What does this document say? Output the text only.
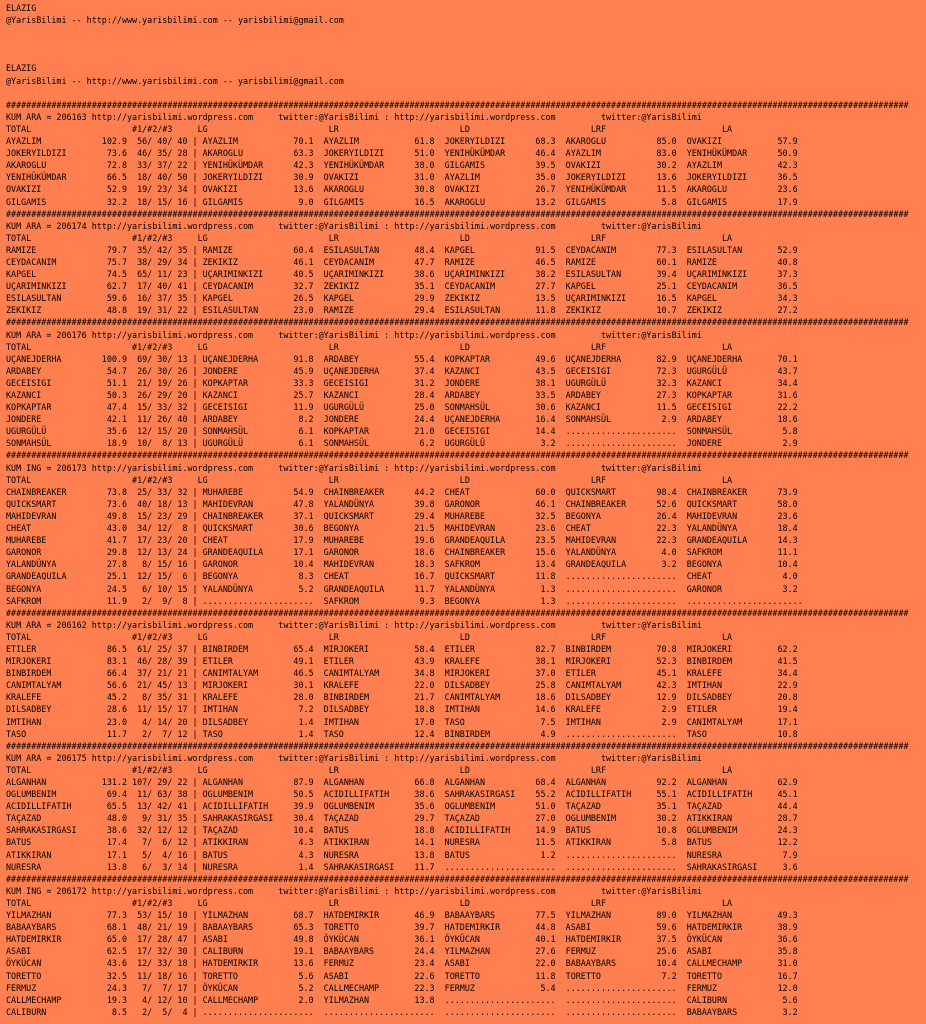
ELAZIG
@YarisBilimi -- http://www.yarisbilimi.com -- yarisbilimi@gmail.com

ELAZIG
@YarisBilimi -- http://www.yarisbilimi.com -- yarisbilimi@gmail.com

###################################################################################################################################################################################
KUM ARA = 206163 http://yarisbilimi.wordpress.com     twitter:@YarisBilimi : http://yarisbilimi.wordpress.com         twitter:@YarisBilimi
TOTAL                    #1/#2/#3     LG                        LR                        LD                        LRF                       LA
AYAZLIM            102.9  56/ 40/ 40 | AYAZLIM           70.1  AYAZLIM           61.8  JOKERYILDIZI      68.3  AKAROGLU          85.0  OVAKIZI           57.9
JOKERYILDIZI        73.6  46/ 35/ 28 | AKAROGLU          63.3  JOKERYILDIZI      51.0  YENIHÜKÜMDAR      46.4  AYAZLIM           83.0  YENIHÜKÜMDAR      50.9
AKAROGLU            72.8  33/ 37/ 22 | YENIHÜKÜMDAR      42.3  YENIHÜKÜMDAR      38.0  GILGAMIS          39.5  OVAKIZI           30.2  AYAZLIM           42.3
YENIHÜKÜMDAR        66.5  18/ 40/ 50 | JOKERYILDIZI      30.9  OVAKIZI           31.0  AYAZLIM           35.0  JOKERYILDIZI      13.6  JOKERYILDIZI      36.5
OVAKIZI             52.9  19/ 23/ 34 | OVAKIZI           13.6  AKAROGLU          30.8  OVAKIZI           26.7  YENIHÜKÜMDAR      11.5  AKAROGLU          23.6
GILGAMIS            32.2  18/ 15/ 16 | GILGAMIS           9.0  GILGAMIS          16.5  AKAROGLU          13.2  GILGAMIS           5.8  GILGAMIS          17.9
###################################################################################################################################################################################
KUM ARA = 206174 http://yarisbilimi.wordpress.com     twitter:@YarisBilimi : http://yarisbilimi.wordpress.com         twitter:@YarisBilimi
TOTAL                    #1/#2/#3     LG                        LR                        LD                        LRF                       LA
RAMIZE              79.7  35/ 42/ 35 | RAMIZE            60.4  ESILASULTAN       48.4  KAPGEL            91.5  CEYDACANIM        77.3  ESILASULTAN       52.9
CEYDACANIM          75.7  38/ 29/ 34 | ZEKIKIZ           46.1  CEYDACANIM        47.7  RAMIZE            46.5  RAMIZE            60.1  RAMIZE            40.8
KAPGEL              74.5  65/ 11/ 23 | UÇARIMINKIZI      40.5  UÇARIMINKIZI      38.6  UÇARIMINKIZI      38.2  ESILASULTAN       39.4  UÇARIMINKIZI      37.3
UÇARIMINKIZI        62.7  17/ 40/ 41 | CEYDACANIM        32.7  ZEKIKIZ           35.1  CEYDACANIM        27.7  KAPGEL            25.1  CEYDACANIM        36.5
ESILASULTAN         59.6  16/ 37/ 35 | KAPGEL            26.5  KAPGEL            29.9  ZEKIKIZ           13.5  UÇARIMINKIZI      16.5  KAPGEL            34.3
ZEKIKIZ             48.8  19/ 31/ 22 | ESILASULTAN       23.0  RAMIZE            29.4  ESILASULTAN       11.8  ZEKIKIZ           10.7  ZEKIKIZ           27.2
###################################################################################################################################################################################
KUM ARA = 206176 http://yarisbilimi.wordpress.com     twitter:@YarisBilimi : http://yarisbilimi.wordpress.com         twitter:@YarisBilimi
TOTAL                    #1/#2/#3     LG                        LR                        LD                        LRF                       LA
UÇANEJDERHA        100.9  69/ 30/ 13 | UÇANEJDERHA       91.8  ARDABEY           55.4  KOPKAPTAR         49.6  UÇANEJDERHA       82.9  UÇANEJDERHA       70.1
ARDABEY             54.7  26/ 30/ 26 | JONDERE           45.9  UÇANEJDERHA       37.4  KAZANCI           43.5  GECEISIGI         72.3  UGURGÜLÜ          43.7
GECEISIGI           51.1  21/ 19/ 26 | KOPKAPTAR         33.3  GECEISIGI         31.2  JONDERE           38.1  UGURGÜLÜ          32.3  KAZANCI           34.4
KAZANCI             50.3  26/ 29/ 20 | KAZANCI           25.7  KAZANCI           28.4  ARDABEY           33.5  ARDABEY           27.3  KOPKAPTAR         31.6
KOPKAPTAR           47.4  15/ 33/ 32 | GECEISIGI         11.9  UGURGÜLÜ          25.0  SONMAHSÜL         30.6  KAZANCI           11.5  GECEISIGI         22.2
JONDERE             42.1  11/ 26/ 40 | ARDABEY            8.2  JONDERE           24.4  UÇANEJDERHA       16.4  SONMAHSÜL          2.9  ARDABEY           18.6
UGURGÜLÜ            35.6  12/ 15/ 20 | SONMAHSÜL          6.1  KOPKAPTAR         21.0  GECEISIGI         14.4  ......................  SONMAHSÜL          5.8
SONMAHSÜL           18.9  10/  8/ 13 | UGURGÜLÜ           6.1  SONMAHSÜL          6.2  UGURGÜLÜ           3.2  ......................  JONDERE            2.9
###################################################################################################################################################################################
KUM ING = 206173 http://yarisbilimi.wordpress.com     twitter:@YarisBilimi : http://yarisbilimi.wordpress.com         twitter:@YarisBilimi
TOTAL                    #1/#2/#3     LG                        LR                        LD                        LRF                       LA
CHAINBREAKER        73.8  25/ 33/ 32 | MUHAREBE          54.9  CHAINBREAKER      44.2  CHEAT             60.0  QUICKSMART        98.4  CHAINBREAKER      73.9
QUICKSMART          73.6  40/ 18/ 13 | MAHIDEVRAN        47.8  YALANDÜNYA        39.8  GARONOR           46.1  CHAINBREAKER      52.6  QUICKSMART        58.0
MAHIDEVRAN          49.8  15/ 23/ 29 | CHAINBREAKER      37.1  QUICKSMART        29.4  MUHAREBE          32.5  BEGONYA           26.4  MAHIDEVRAN        23.6
CHEAT               43.0  34/ 12/  8 | QUICKSMART        30.6  BEGONYA           21.5  MAHIDEVRAN        23.6  CHEAT             22.3  YALANDÜNYA        18.4
MUHAREBE            41.7  17/ 23/ 20 | CHEAT             17.9  MUHAREBE          19.6  GRANDEAQUILA      23.5  MAHIDEVRAN        22.3  GRANDEAQUILA      14.3
GARONOR             29.8  12/ 13/ 24 | GRANDEAQUILA      17.1  GARONOR           18.6  CHAINBREAKER      15.6  YALANDÜNYA         4.0  SAFKROM           11.1
YALANDÜNYA          27.8   8/ 15/ 16 | GARONOR           10.4  MAHIDEVRAN        18.3  SAFKROM           13.4  GRANDEAQUILA       3.2  BEGONYA           10.4
GRANDEAQUILA        25.1  12/ 15/  6 | BEGONYA            8.3  CHEAT             16.7  QUICKSMART        11.8  ......................  CHEAT              4.0
BEGONYA             24.5   6/ 10/ 15 | YALANDÜNYA         5.2  GRANDEAQUILA      11.7  YALANDÜNYA         1.3  ......................  GARONOR            3.2
SAFKROM             11.9   2/  9/  8 | ......................  SAFKROM            9.3  BEGONYA            1.3  ......................  .......................
###################################################################################################################################################################################
KUM ARA = 206162 http://yarisbilimi.wordpress.com     twitter:@YarisBilimi : http://yarisbilimi.wordpress.com         twitter:@YarisBilimi
TOTAL                    #1/#2/#3     LG                        LR                        LD                        LRF                       LA
ETILER              86.5  61/ 25/ 37 | BINBIRDEM         65.4  MIRJOKERI         58.4  ETILER            82.7  BINBIRDEM         70.8  MIRJOKERI         62.2
MIRJOKERI           83.1  46/ 28/ 39 | ETILER            49.1  ETILER            43.9  KRALEFE           38.1  MIRJOKERI         52.3  BINBIRDEM         41.5
BINBIRDEM           66.4  37/ 21/ 21 | CANIMTALYAM       46.5  CANIMTALYAM       34.8  MIRJOKERI         37.0  ETILER            45.1  KRALEFE           34.4
CANIMTALYAM         56.6  21/ 45/ 13 | MIRJOKERI         30.1  KRALEFE           22.0  DILSADBEY         25.8  CANIMTALYAM       42.3  IMTIHAN           22.9
KRALEFE             45.2   8/ 35/ 31 | KRALEFE           28.0  BINBIRDEM         21.7  CANIMTALYAM       18.6  DILSADBEY         12.9  DILSADBEY         20.8
DILSADBEY           28.6  11/ 15/ 17 | IMTIHAN            7.2  DILSADBEY         18.8  IMTIHAN           14.6  KRALEFE            2.9  ETILER            19.4
IMTIHAN             23.0   4/ 14/ 20 | DILSADBEY          1.4  IMTIHAN           17.0  TASO               7.5  IMTIHAN            2.9  CANIMTALYAM       17.1
TASO                11.7   2/  7/ 12 | TASO               1.4  TASO              12.4  BINBIRDEM          4.9  ......................  TASO              10.8
###################################################################################################################################################################################
KUM ARA = 206175 http://yarisbilimi.wordpress.com     twitter:@YarisBilimi : http://yarisbilimi.wordpress.com         twitter:@YarisBilimi
TOTAL                    #1/#2/#3     LG                        LR                        LD                        LRF                       LA
ALGANHAN           131.2 107/ 29/ 22 | ALGANHAN          87.9  ALGANHAN          66.8  ALGANHAN          68.4  ALGANHAN          92.2  ALGANHAN          62.9
OGLUMBENIM          69.4  11/ 63/ 38 | OGLUMBENIM        50.5  ACIDILLIFATIH     38.6  SAHRAKASIRGASI    55.2  ACIDILLIFATIH     55.1  ACIDILLIFATIH     45.1
ACIDILLIFATIH       65.5  13/ 42/ 41 | ACIDILLIFATIH     39.9  OGLUMBENIM        35.6  OGLUMBENIM        51.0  TAÇAZAD           35.1  TAÇAZAD           44.4
TAÇAZAD             48.0   9/ 31/ 35 | SAHRAKASIRGASI    30.4  TAÇAZAD           29.7  TAÇAZAD           27.0  OGLUMBENIM        30.2  ATIKKIRAN         28.7
SAHRAKASIRGASI      38.6  32/ 12/ 12 | TAÇAZAD           10.4  BATUS             18.8  ACIDILLIFATIH     14.9  BATUS             10.8  OGLUMBENIM        24.3
BATUS               17.4   7/  6/ 12 | ATIKKIRAN          4.3  ATIKKIRAN         14.1  NURESRA           11.5  ATIKKIRAN          5.8  BATUS             12.2
ATIKKIRAN           17.1   5/  4/ 16 | BATUS              4.3  NURESRA           13.8  BATUS              1.2  ......................  NURESRA            7.9
NURESRA             13.8   6/  3/ 14 | NURESRA            1.4  SAHRAKASIRGASI    11.7  ......................  ......................  SAHRAKASIRGASI     3.6
###################################################################################################################################################################################
KUM ING = 206172 http://yarisbilimi.wordpress.com     twitter:@YarisBilimi : http://yarisbilimi.wordpress.com         twitter:@YarisBilimi
TOTAL                    #1/#2/#3     LG                        LR                        LD                        LRF                       LA
YILMAZHAN           77.3  53/ 15/ 10 | YILMAZHAN         68.7  HATDEMIRKIR       46.9  BABAAYBARS        77.5  YILMAZHAN         89.0  YILMAZHAN         49.3
BABAAYBARS          68.1  48/ 21/ 19 | BABAAYBARS        65.3  TORETTO           39.7  HATDEMIRKIR       44.8  ASABI             59.6  HATDEMIRKIR       38.9
HATDEMIRKIR         65.0  17/ 28/ 47 | ASABI             49.8  ÖYKÜCAN           36.1  ÖYKÜCAN           40.1  HATDEMIRKIR       37.5  ÖYKÜCAN           36.6
ASABI               62.5  17/ 32/ 30 | CALIBURN          19.1  BABAAYBARS        24.4  YILMAZHAN         27.6  FERMUZ            25.6  ASABI             35.8
ÖYKÜCAN             43.6  12/ 33/ 18 | HATDEMIRKIR       13.6  FERMUZ            23.4  ASABI             22.0  BABAAYBARS        10.4  CALLMECHAMP       31.0
TORETTO             32.5  11/ 18/ 16 | TORETTO            5.6  ASABI             22.6  TORETTO           11.8  TORETTO            7.2  TORETTO           16.7
FERMUZ              24.3   7/  7/ 17 | ÖYKÜCAN            5.2  CALLMECHAMP       22.3  FERMUZ             5.4  ......................  FERMUZ            12.0
CALLMECHAMP         19.3   4/ 12/ 10 | CALLMECHAMP        2.0  YILMAZHAN         13.8  ......................  ......................  CALIBURN           5.6
CALIBURN             8.5   2/  5/  4 | ......................  ......................  ......................  ......................  BABAAYBARS         3.2
